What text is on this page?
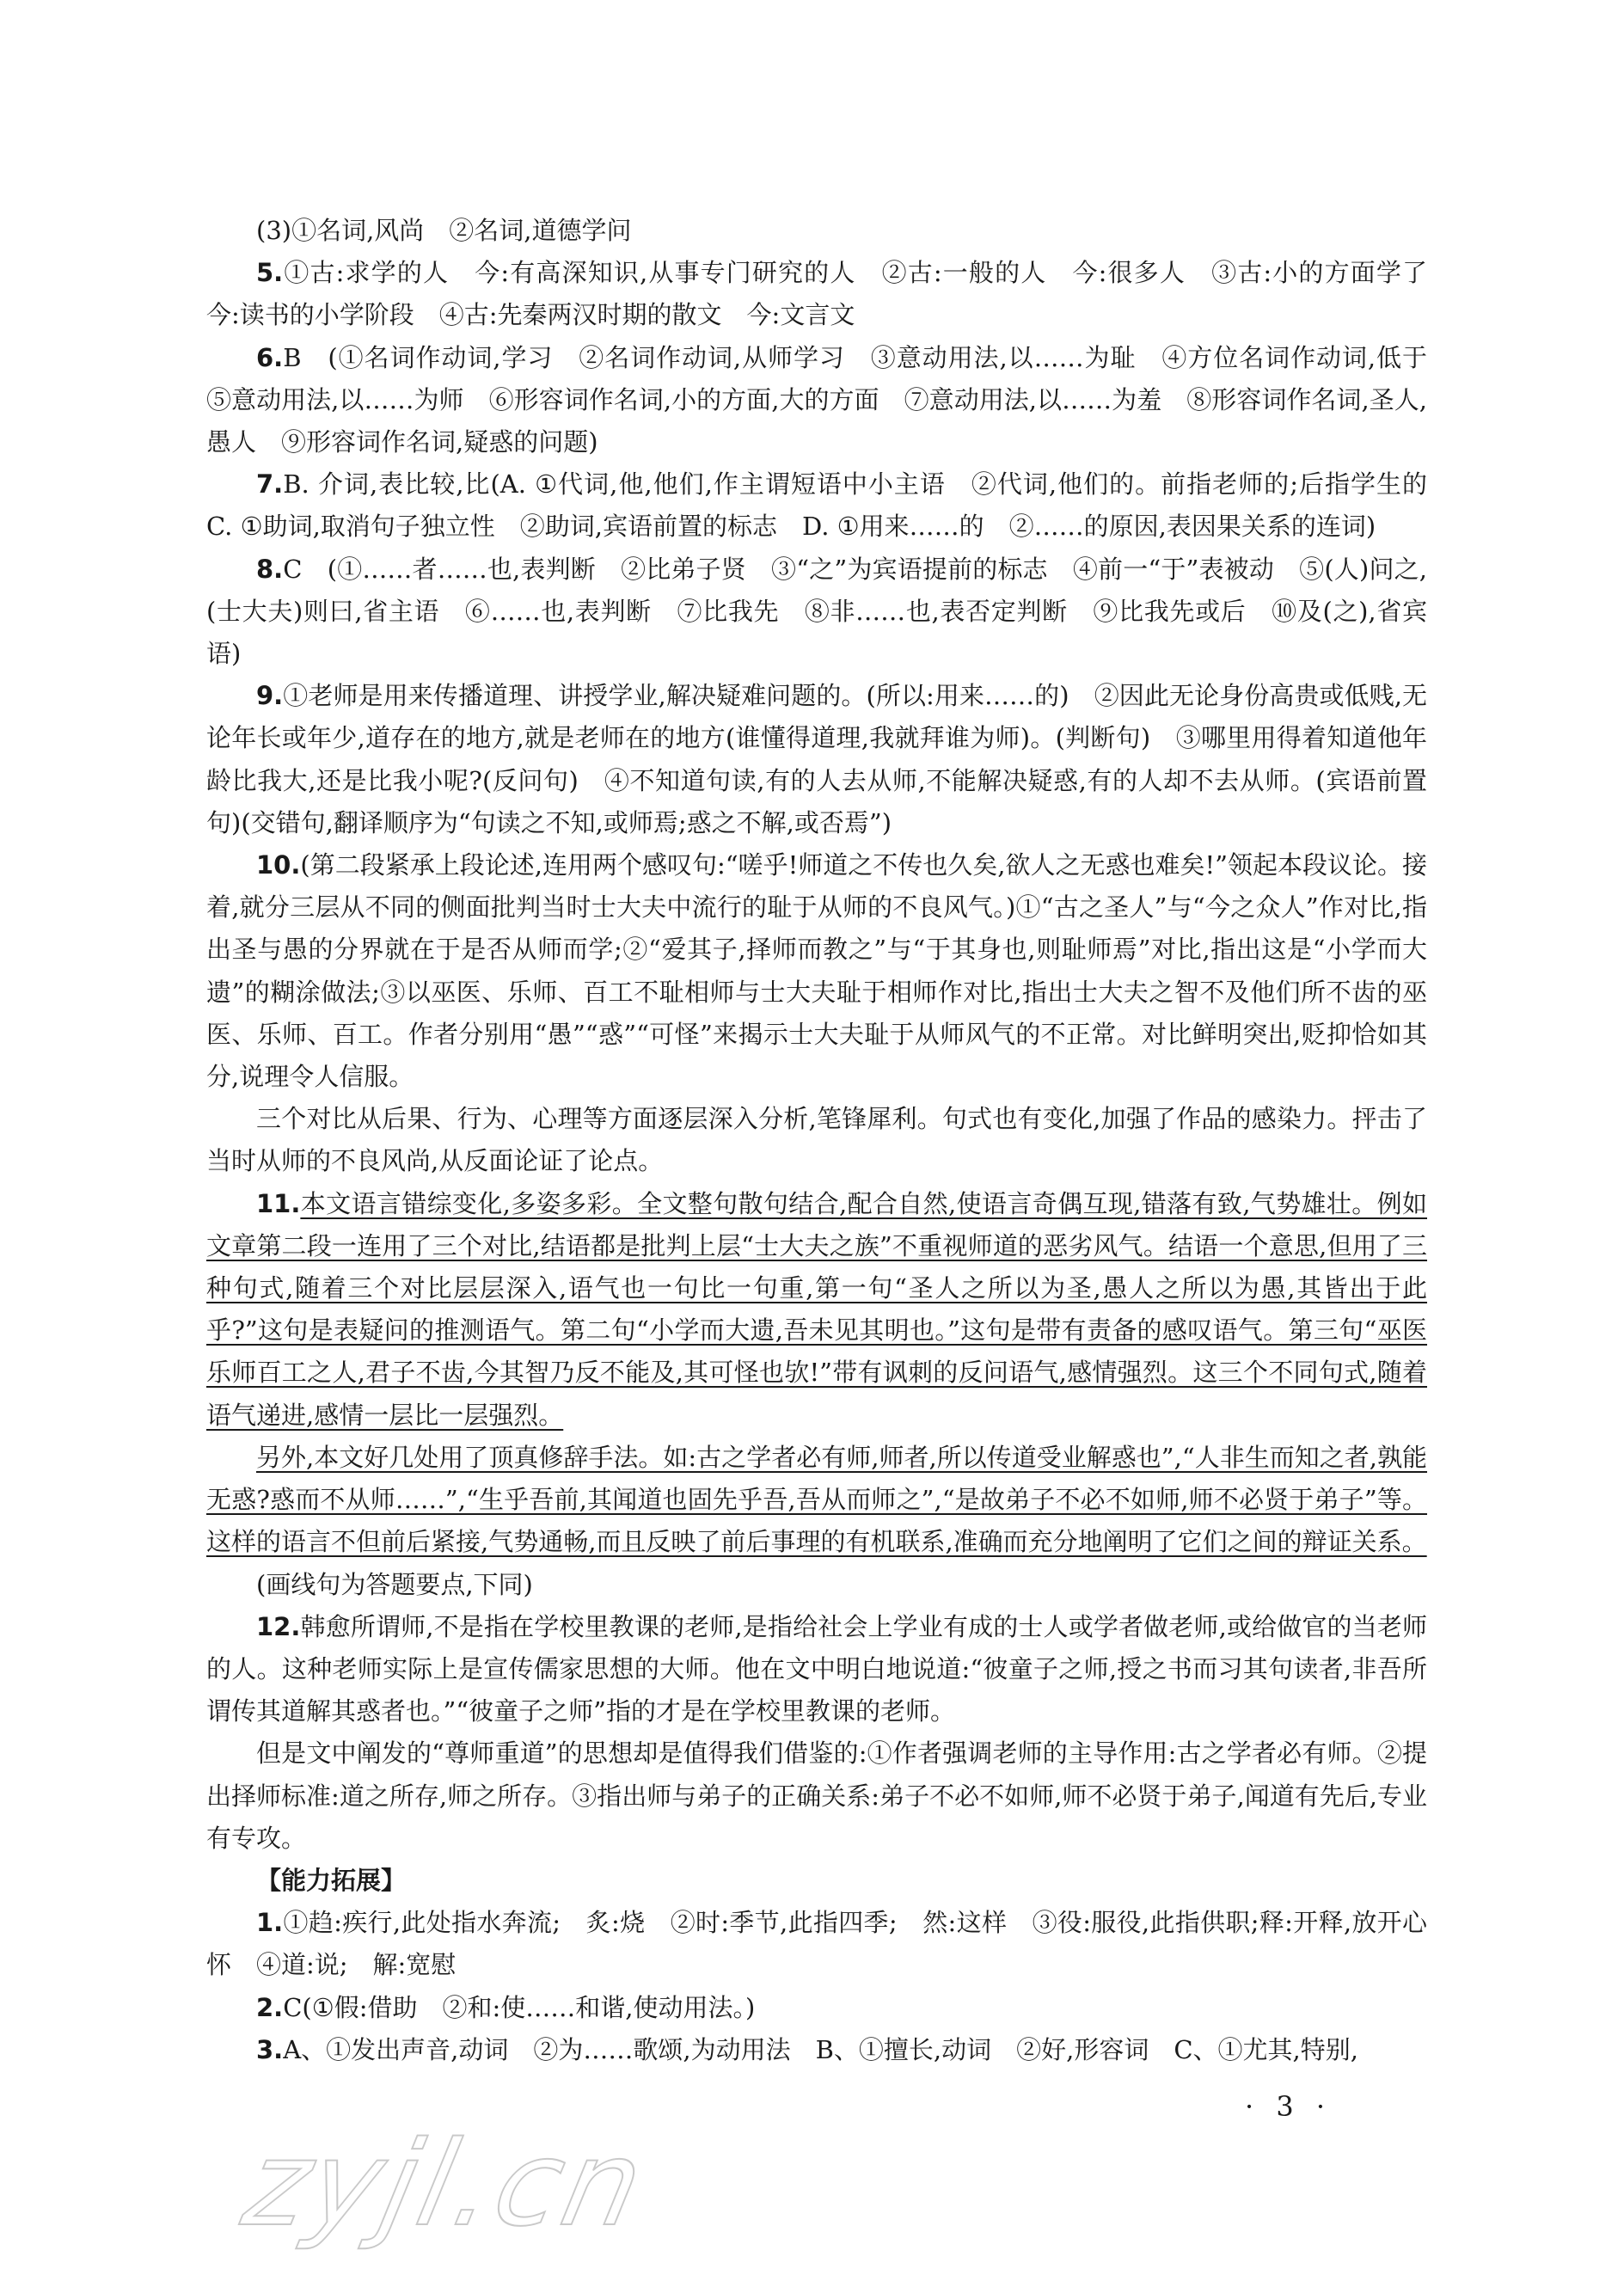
(3)①名词,风尚　②名词,道德学问

5.①古:求学的人　今:有高深知识,从事专门研究的人　②古:一般的人　今:很多人　③古:小的方面学了　今:读书的小学阶段　④古:先秦两汉时期的散文　今:文言文

6.B　(①名词作动词,学习　②名词作动词,从师学习　③意动用法,以……为耻　④方位名词作动词,低于　⑤意动用法,以……为师　⑥形容词作名词,小的方面,大的方面　⑦意动用法,以……为羞　⑧形容词作名词,圣人,愚人　⑨形容词作名词,疑惑的问题)

7.B. 介词,表比较,比(A. ①代词,他,他们,作主谓短语中小主语　②代词,他们的。前指老师的;后指学生的　C. ①助词,取消句子独立性　②助词,宾语前置的标志　D. ①用来……的　②……的原因,表因果关系的连词)

8.C　(①……者……也,表判断　②比弟子贤　③“之”为宾语提前的标志　④前一“于”表被动　⑤(人)问之,(士大夫)则曰,省主语　⑥……也,表判断　⑦比我先　⑧非……也,表否定判断　⑨比我先或后　⑩及(之),省宾语)

9.①老师是用来传播道理、讲授学业,解决疑难问题的。(所以:用来……的)　②因此无论身份高贵或低贱,无论年长或年少,道存在的地方,就是老师在的地方(谁懂得道理,我就拜谁为师)。(判断句)　③哪里用得着知道他年龄比我大,还是比我小呢?(反问句)　④不知道句读,有的人去从师,不能解决疑惑,有的人却不去从师。(宾语前置句)(交错句,翻译顺序为“句读之不知,或师焉;惑之不解,或否焉”)

10.(第二段紧承上段论述,连用两个感叹句:“嗟乎!师道之不传也久矣,欲人之无惑也难矣!”领起本段议论。接着,就分三层从不同的侧面批判当时士大夫中流行的耻于从师的不良风气。)①“古之圣人”与“今之众人”作对比,指出圣与愚的分界就在于是否从师而学;②“爱其子,择师而教之”与“于其身也,则耻师焉”对比,指出这是“小学而大遗”的糊涂做法;③以巫医、乐师、百工不耻相师与士大夫耻于相师作对比,指出士大夫之智不及他们所不齿的巫医、乐师、百工。作者分别用“愚”“惑”“可怪”来揭示士大夫耻于从师风气的不正常。对比鲜明突出,贬抑恰如其分,说理令人信服。

三个对比从后果、行为、心理等方面逐层深入分析,笔锋犀利。句式也有变化,加强了作品的感染力。抨击了当时从师的不良风尚,从反面论证了论点。

11.本文语言错综变化,多姿多彩。全文整句散句结合,配合自然,使语言奇偶互现,错落有致,气势雄壮。例如文章第二段一连用了三个对比,结语都是批判上层“士大夫之族”不重视师道的恶劣风气。结语一个意思,但用了三种句式,随着三个对比层层深入,语气也一句比一句重,第一句“圣人之所以为圣,愚人之所以为愚,其皆出于此乎?”这句是表疑问的推测语气。第二句“小学而大遗,吾未见其明也。”这句是带有责备的感叹语气。第三句“巫医乐师百工之人,君子不齿,今其智乃反不能及,其可怪也欤!”带有讽刺的反问语气,感情强烈。这三个不同句式,随着语气递进,感情一层比一层强烈。

另外,本文好几处用了顶真修辞手法。如:古之学者必有师,师者,所以传道受业解惑也”,“人非生而知之者,孰能无惑?惑而不从师……”,“生乎吾前,其闻道也固先乎吾,吾从而师之”,“是故弟子不必不如师,师不必贤于弟子”等。这样的语言不但前后紧接,气势通畅,而且反映了前后事理的有机联系,准确而充分地阐明了它们之间的辩证关系。

(画线句为答题要点,下同)

12.韩愈所谓师,不是指在学校里教课的老师,是指给社会上学业有成的士人或学者做老师,或给做官的当老师的人。这种老师实际上是宣传儒家思想的大师。他在文中明白地说道:“彼童子之师,授之书而习其句读者,非吾所谓传其道解其惑者也。”“彼童子之师”指的才是在学校里教课的老师。

但是文中阐发的“尊师重道”的思想却是值得我们借鉴的:①作者强调老师的主导作用:古之学者必有师。②提出择师标准:道之所存,师之所存。③指出师与弟子的正确关系:弟子不必不如师,师不必贤于弟子,闻道有先后,专业有专攻。

【能力拓展】

1.①趋:疾行,此处指水奔流;　炙:烧　②时:季节,此指四季;　然:这样　③役:服役,此指供职;释:开释,放开心怀　④道:说;　解:宽慰

2.C(①假:借助　②和:使……和谐,使动用法。)

3.A、①发出声音,动词　②为……歌颂,为动用法　B、①擅长,动词　②好,形容词　C、①尤其,特别,

· 3 ·
zyjl.cn
